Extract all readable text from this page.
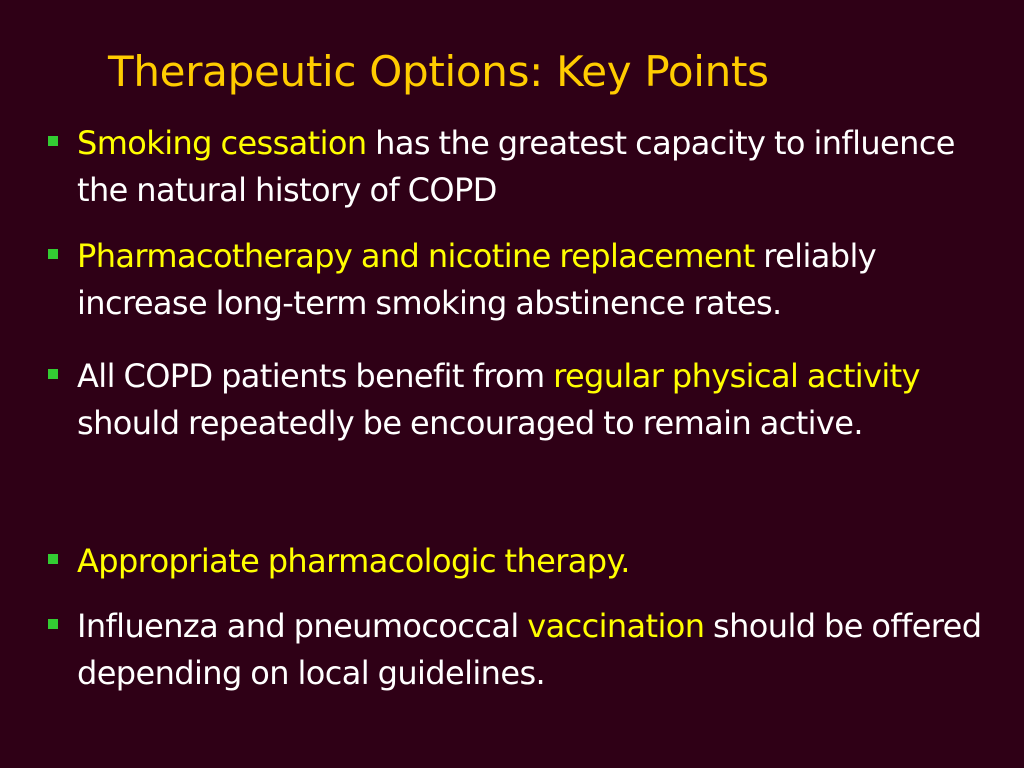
Therapeutic Options: Key Points
Smoking cessation has the greatest capacity to influence the natural history of COPD
Pharmacotherapy and nicotine replacement reliably increase long-term smoking abstinence rates.
All COPD patients benefit from regular physical activity should repeatedly be encouraged to remain active.
Appropriate pharmacologic therapy.
Influenza and pneumococcal vaccination should be offered depending on local guidelines.
